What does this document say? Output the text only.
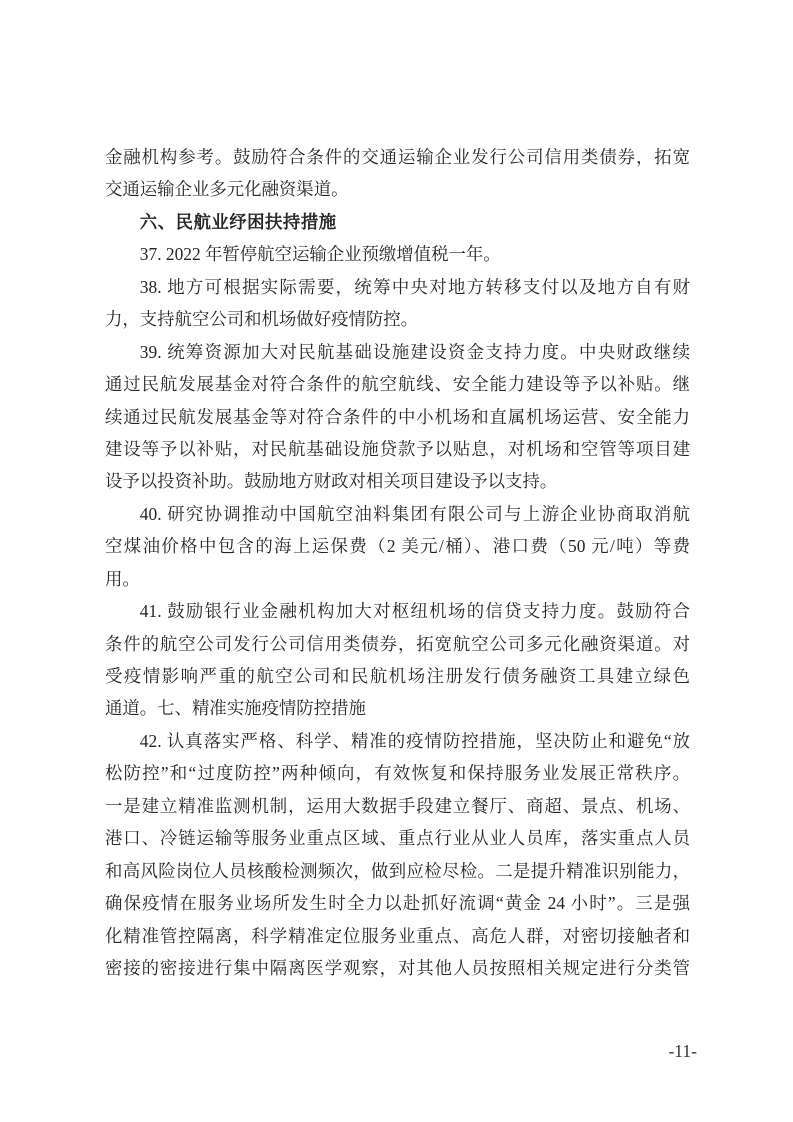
金融机构参考。鼓励符合条件的交通运输企业发行公司信用类债券，拓宽
交通运输企业多元化融资渠道。
六、民航业纾困扶持措施
37. 2022 年暂停航空运输企业预缴增值税一年。
38. 地方可根据实际需要，统筹中央对地方转移支付以及地方自有财
力，支持航空公司和机场做好疫情防控。
39. 统筹资源加大对民航基础设施建设资金支持力度。中央财政继续
通过民航发展基金对符合条件的航空航线、安全能力建设等予以补贴。继
续通过民航发展基金等对符合条件的中小机场和直属机场运营、安全能力
建设等予以补贴，对民航基础设施贷款予以贴息，对机场和空管等项目建
设予以投资补助。鼓励地方财政对相关项目建设予以支持。
40. 研究协调推动中国航空油料集团有限公司与上游企业协商取消航
空煤油价格中包含的海上运保费（2 美元/桶）、港口费（50 元/吨）等费
用。
41. 鼓励银行业金融机构加大对枢纽机场的信贷支持力度。鼓励符合
条件的航空公司发行公司信用类债券，拓宽航空公司多元化融资渠道。对
受疫情影响严重的航空公司和民航机场注册发行债务融资工具建立绿色
通道。七、精准实施疫情防控措施
42. 认真落实严格、科学、精准的疫情防控措施，坚决防止和避免“放
松防控”和“过度防控”两种倾向，有效恢复和保持服务业发展正常秩序。
一是建立精准监测机制，运用大数据手段建立餐厅、商超、景点、机场、
港口、冷链运输等服务业重点区域、重点行业从业人员库，落实重点人员
和高风险岗位人员核酸检测频次，做到应检尽检。二是提升精准识别能力，
确保疫情在服务业场所发生时全力以赴抓好流调“黄金 24 小时”。三是强
化精准管控隔离，科学精准定位服务业重点、高危人群，对密切接触者和
密接的密接进行集中隔离医学观察，对其他人员按照相关规定进行分类管
-11-
